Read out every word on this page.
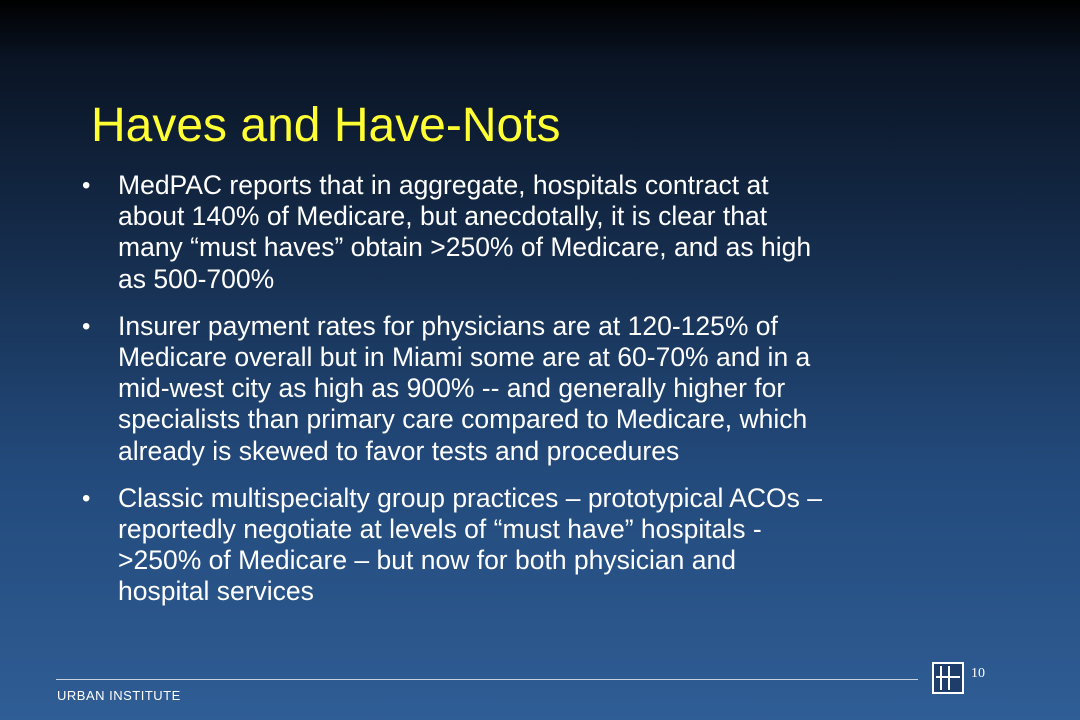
Haves and Have-Nots
• MedPAC reports that in aggregate, hospitals contract at
about 140% of Medicare, but anecdotally, it is clear that
many “must haves” obtain >250% of Medicare, and as high
as 500-700%
• Insurer payment rates for physicians are at 120-125% of
Medicare overall but in Miami some are at 60-70% and in a
mid-west city as high as 900% -- and generally higher for
specialists than primary care compared to Medicare, which
already is skewed to favor tests and procedures
• Classic multispecialty group practices – prototypical ACOs –
reportedly negotiate at levels of “must have” hospitals -
>250% of Medicare – but now for both physician and
hospital services
URBAN INSTITUTE
10
